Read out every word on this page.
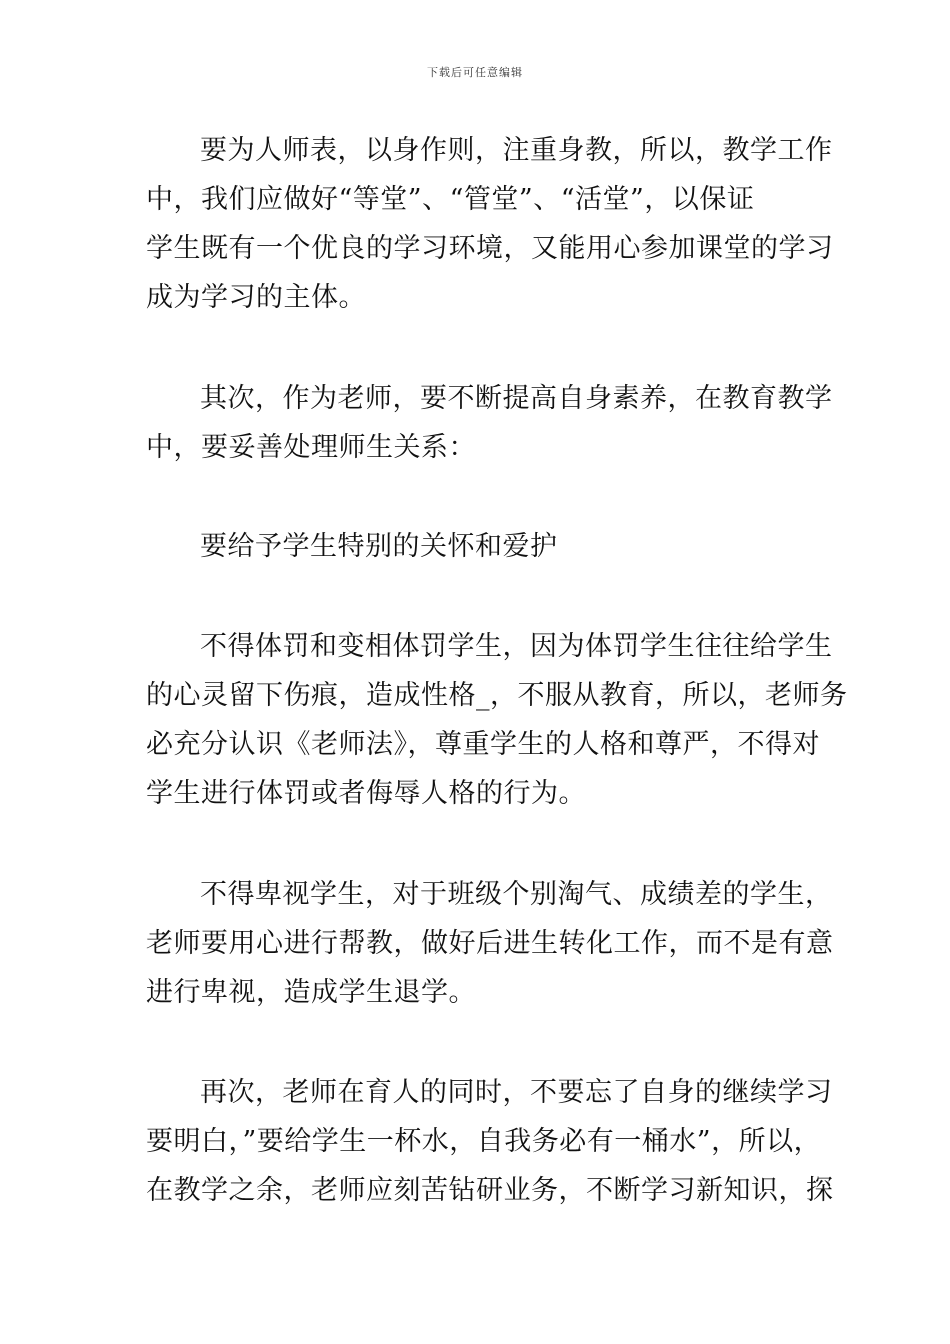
下载后可任意编辑
要为人师表，以身作则，注重身教，所以，教学工作
中，我们应做好“等堂”、“管堂”、“活堂”，以保证
学生既有一个优良的学习环境，又能用心参加课堂的学习
成为学习的主体。
其次，作为老师，要不断提高自身素养，在教育教学
中，要妥善处理师生关系：
要给予学生特别的关怀和爱护
不得体罚和变相体罚学生，因为体罚学生往往给学生
的心灵留下伤痕，造成性格_，不服从教育，所以，老师务
必充分认识《老师法》，尊重学生的人格和尊严，不得对
学生进行体罚或者侮辱人格的行为。
不得卑视学生，对于班级个别淘气、成绩差的学生，
老师要用心进行帮教，做好后进生转化工作，而不是有意
进行卑视，造成学生退学。
再次，老师在育人的同时，不要忘了自身的继续学习
要明白，”要给学生一杯水，自我务必有一桶水”，所以，
在教学之余，老师应刻苦钻研业务，不断学习新知识，探
